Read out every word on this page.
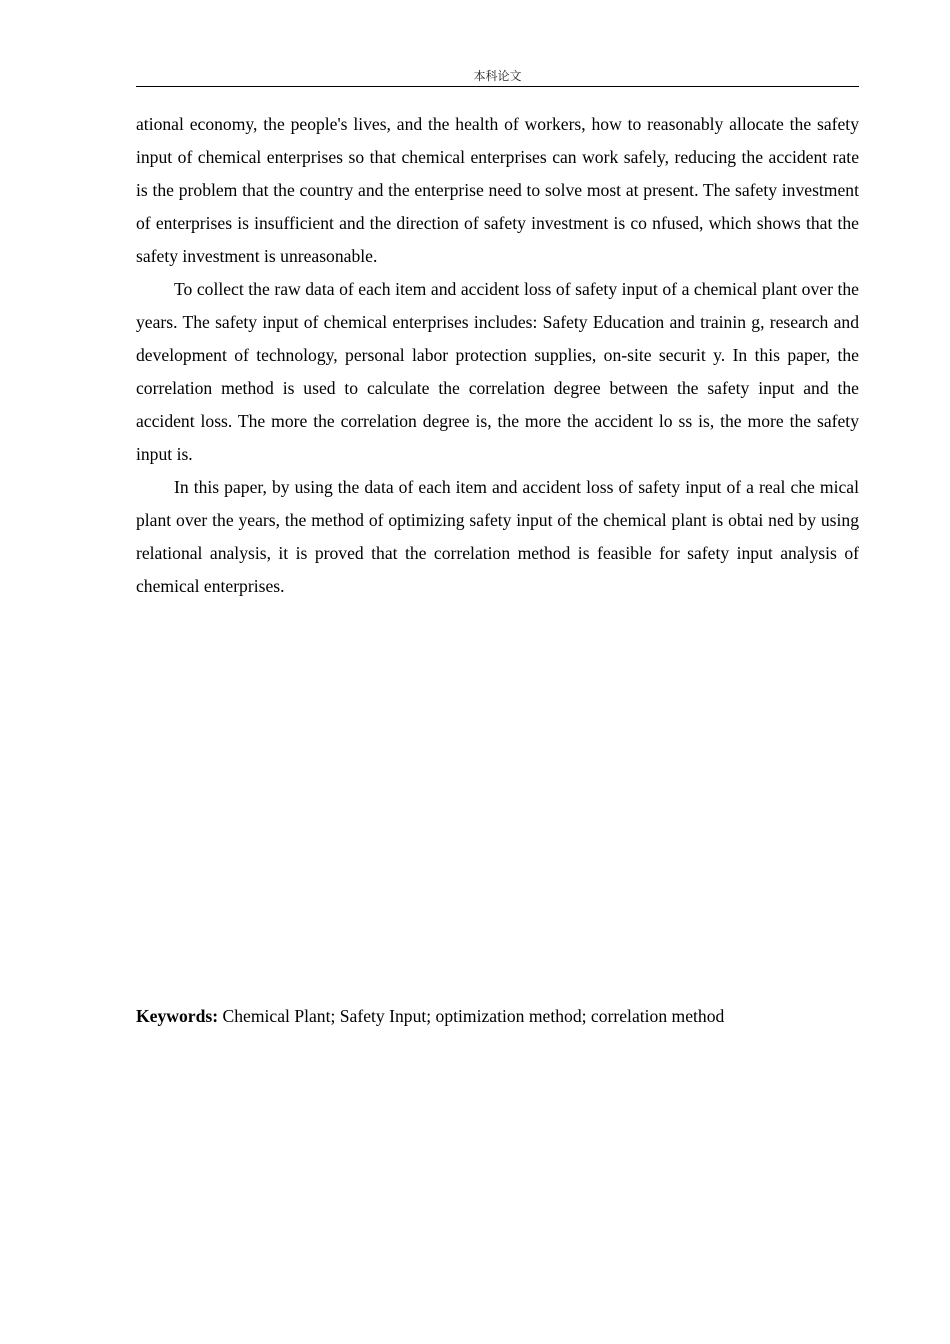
本科论文

ational economy, the people's lives, and the health of workers, how to reasonably allocate the safety input of chemical enterprises so that chemical enterprises can work safely, reducing the accident rate is the problem that the country and the enterprise need to solve most at present. The safety investment of enterprises is insufficient and the direction of safety investment is co nfused, which shows that the safety investment is unreasonable.

To collect the raw data of each item and accident loss of safety input of a chemical plant over the years. The safety input of chemical enterprises includes: Safety Education and trainin g, research and development of technology, personal labor protection supplies, on-site securit y. In this paper, the correlation method is used to calculate the correlation degree between the safety input and the accident loss. The more the correlation degree is, the more the accident lo ss is, the more the safety input is.

In this paper, by using the data of each item and accident loss of safety input of a real che mical plant over the years, the method of optimizing safety input of the chemical plant is obtai ned by using relational analysis, it is proved that the correlation method is feasible for safety input analysis of chemical enterprises.

Keywords: Chemical Plant; Safety Input; optimization method; correlation method
